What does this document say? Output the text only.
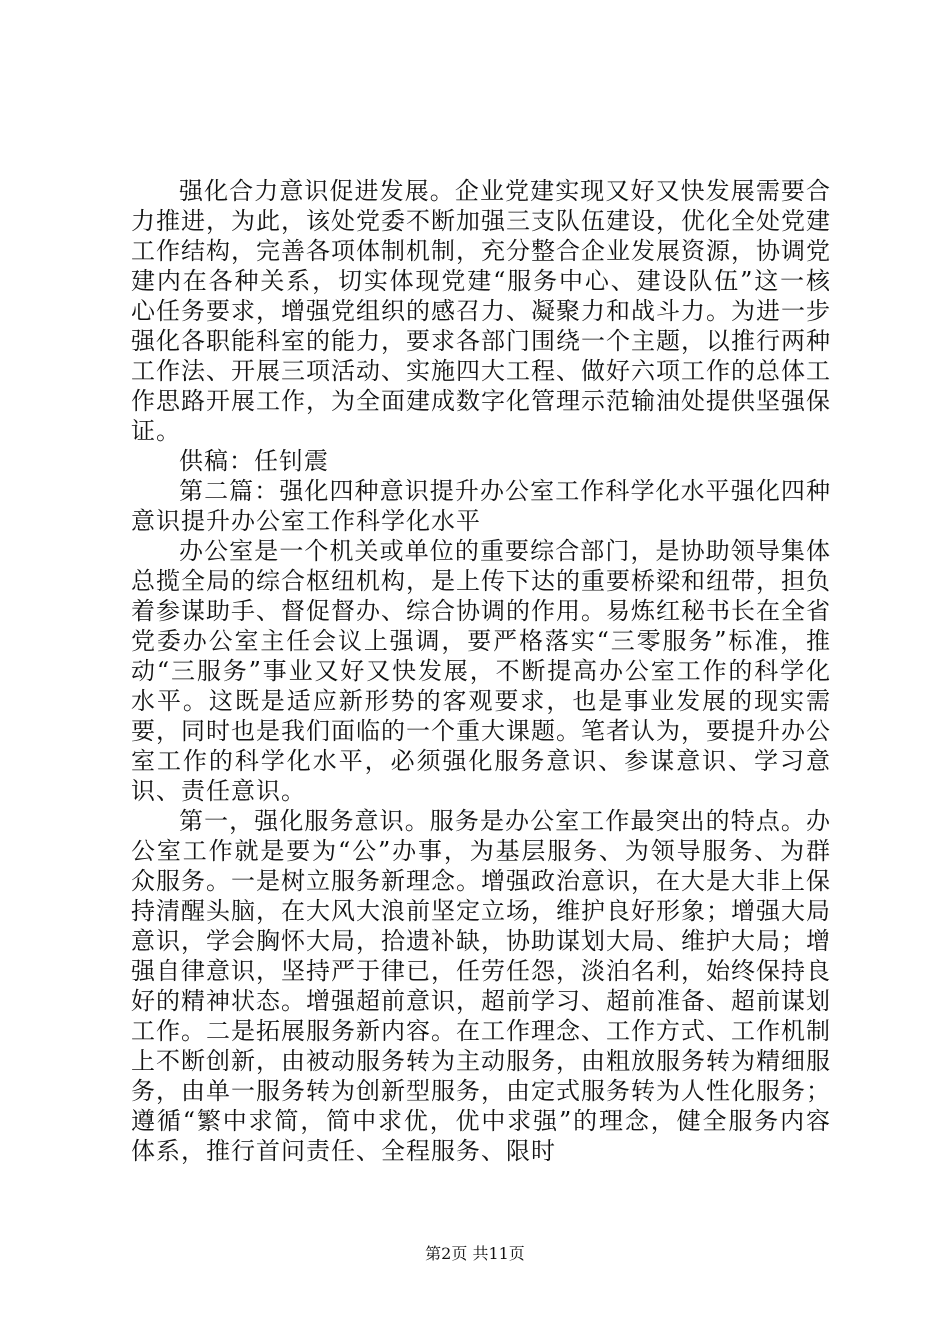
强化合力意识促进发展。企业党建实现又好又快发展需要合力推进，为此，该处党委不断加强三支队伍建设，优化全处党建工作结构，完善各项体制机制，充分整合企业发展资源，协调党建内在各种关系，切实体现党建“服务中心、建设队伍”这一核心任务要求，增强党组织的感召力、凝聚力和战斗力。为进一步强化各职能科室的能力，要求各部门围绕一个主题，以推行两种工作法、开展三项活动、实施四大工程、做好六项工作的总体工作思路开展工作，为全面建成数字化管理示范输油处提供坚强保证。

供稿：任钊震

第二篇：强化四种意识提升办公室工作科学化水平强化四种意识提升办公室工作科学化水平

办公室是一个机关或单位的重要综合部门，是协助领导集体总揽全局的综合枢纽机构，是上传下达的重要桥梁和纽带，担负着参谋助手、督促督办、综合协调的作用。易炼红秘书长在全省党委办公室主任会议上强调，要严格落实“三零服务”标准，推动“三服务”事业又好又快发展，不断提高办公室工作的科学化水平。这既是适应新形势的客观要求，也是事业发展的现实需要，同时也是我们面临的一个重大课题。笔者认为，要提升办公室工作的科学化水平，必须强化服务意识、参谋意识、学习意识、责任意识。

第一，强化服务意识。服务是办公室工作最突出的特点。办公室工作就是要为“公”办事，为基层服务、为领导服务、为群众服务。一是树立服务新理念。增强政治意识，在大是大非上保持清醒头脑，在大风大浪前坚定立场，维护良好形象；增强大局意识，学会胸怀大局，拾遗补缺，协助谋划大局、维护大局；增强自律意识，坚持严于律已，任劳任怨，淡泊名利，始终保持良好的精神状态。增强超前意识，超前学习、超前准备、超前谋划工作。二是拓展服务新内容。在工作理念、工作方式、工作机制上不断创新，由被动服务转为主动服务，由粗放服务转为精细服务，由单一服务转为创新型服务，由定式服务转为人性化服务；遵循“繁中求简，简中求优，优中求强”的理念，健全服务内容体系，推行首问责任、全程服务、限时

第2页 共11页
